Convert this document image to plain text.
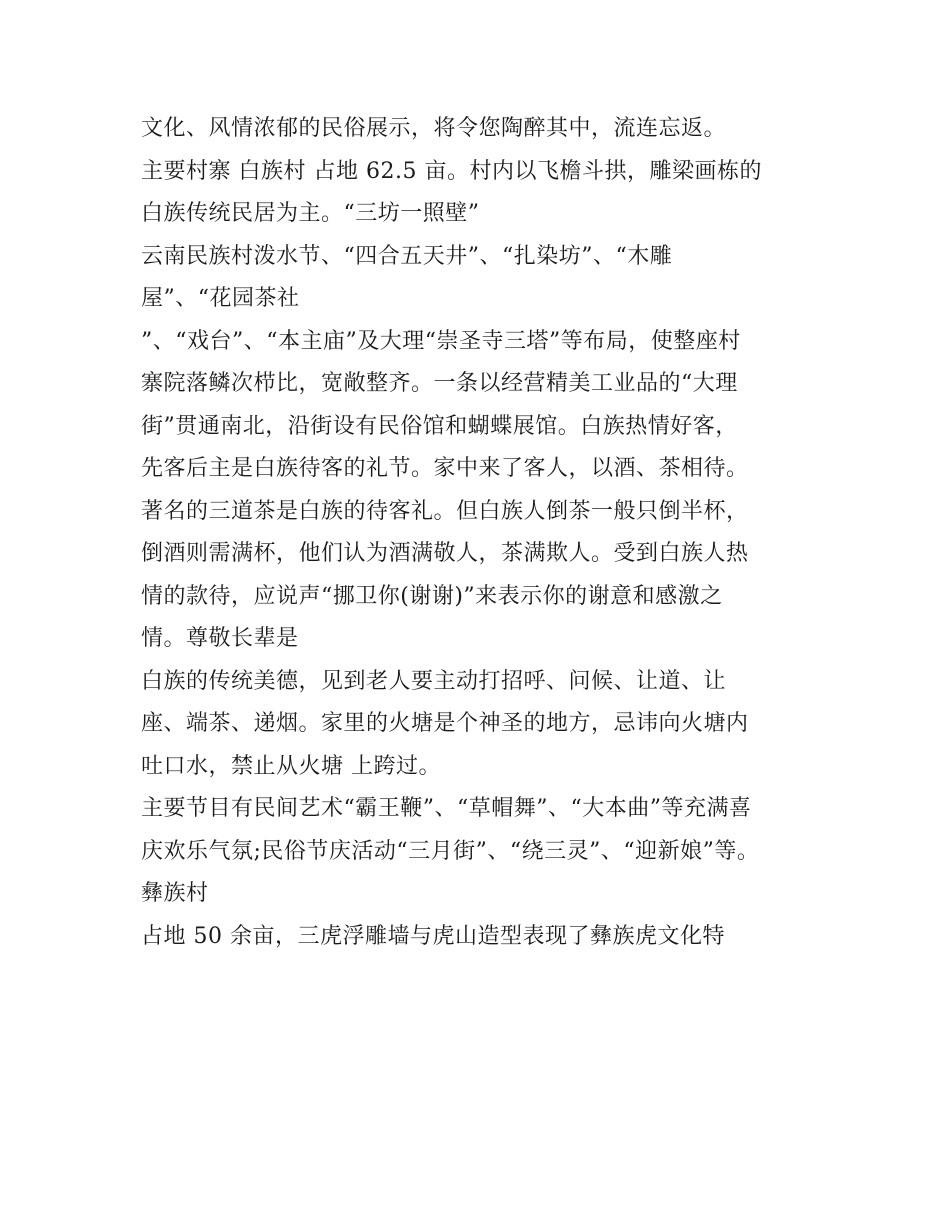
文化、风情浓郁的民俗展示，将令您陶醉其中，流连忘返。
主要村寨 白族村 占地 62.5 亩。村内以飞檐斗拱，雕梁画栋的
白族传统民居为主。“三坊一照壁”
云南民族村泼水节、“四合五天井”、“扎染坊”、“木雕
屋”、“花园茶社
”、“戏台”、“本主庙”及大理“崇圣寺三塔”等布局，使整座村
寨院落鳞次栉比，宽敞整齐。一条以经营精美工业品的“大理
街”贯通南北，沿街设有民俗馆和蝴蝶展馆。白族热情好客，
先客后主是白族待客的礼节。家中来了客人，以酒、茶相待。
著名的三道茶是白族的待客礼。但白族人倒茶一般只倒半杯，
倒酒则需满杯，他们认为酒满敬人，茶满欺人。受到白族人热
情的款待，应说声“挪卫你(谢谢)”来表示你的谢意和感激之
情。尊敬长辈是
白族的传统美德，见到老人要主动打招呼、问候、让道、让
座、端茶、递烟。家里的火塘是个神圣的地方，忌讳向火塘内
吐口水，禁止从火塘 上跨过。
主要节目有民间艺术“霸王鞭”、“草帽舞”、“大本曲”等充满喜
庆欢乐气氛;民俗节庆活动“三月街”、“绕三灵”、“迎新娘”等。
彝族村
占地 50 余亩，三虎浮雕墙与虎山造型表现了彝族虎文化特
